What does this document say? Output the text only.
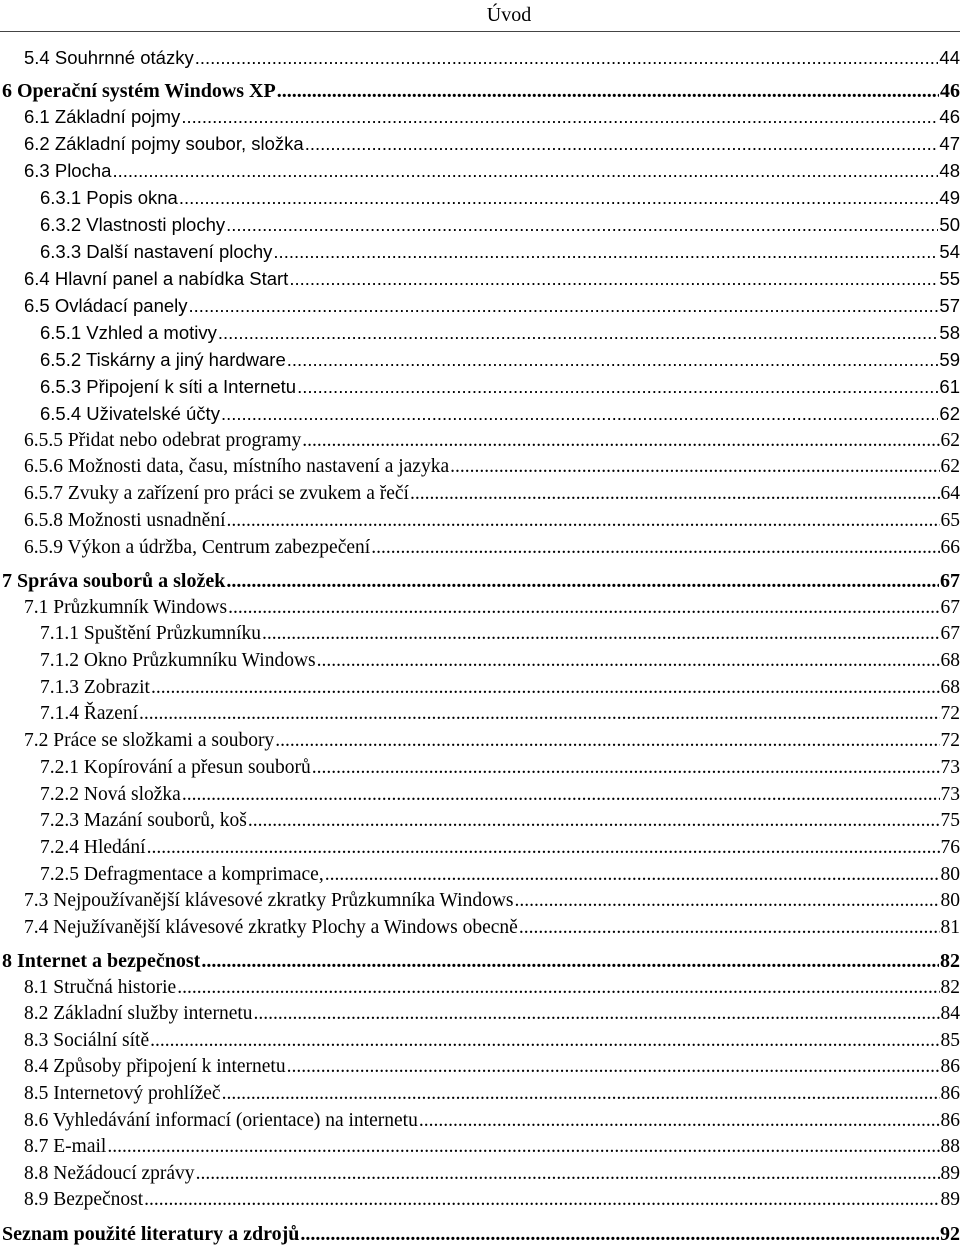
Úvod
5.4 Souhrnné otázky .....	44
6 Operační systém Windows XP .....	46
6.1 Základní pojmy .....	46
6.2 Základní pojmy soubor, složka .....	47
6.3 Plocha .....	48
6.3.1 Popis okna .....	49
6.3.2 Vlastnosti plochy .....	50
6.3.3 Další nastavení plochy .....	54
6.4 Hlavní panel a nabídka Start .....	55
6.5 Ovládací panely .....	57
6.5.1 Vzhled a motivy .....	58
6.5.2 Tiskárny a jiný hardware .....	59
6.5.3 Připojení k síti a Internetu .....	61
6.5.4 Uživatelské účty .....	62
6.5.5 Přidat nebo odebrat programy .....	62
6.5.6 Možnosti data, času, místního nastavení a jazyka .....	62
6.5.7 Zvuky a zařízení pro práci se zvukem a řečí .....	64
6.5.8 Možnosti usnadnění .....	65
6.5.9 Výkon a údržba, Centrum zabezpečení .....	66
7 Správa souborů a složek .....	67
7.1 Průzkumník Windows .....	67
7.1.1 Spuštění Průzkumníku .....	67
7.1.2 Okno Průzkumníku Windows .....	68
7.1.3 Zobrazit .....	68
7.1.4 Řazení .....	72
7.2 Práce se složkami a soubory .....	72
7.2.1 Kopírování a přesun souborů .....	73
7.2.2 Nová složka .....	73
7.2.3 Mazání souborů, koš .....	75
7.2.4 Hledání .....	76
7.2.5 Defragmentace a komprimace, .....	80
7.3 Nejpoužívanější klávesové zkratky Průzkumníka Windows .....	80
7.4 Nejužívanější klávesové zkratky Plochy a Windows obecně .....	81
8 Internet a bezpečnost .....	82
8.1 Stručná historie .....	82
8.2 Základní služby internetu .....	84
8.3 Sociální sítě .....	85
8.4 Způsoby připojení k internetu .....	86
8.5 Internetový prohlížeč .....	86
8.6 Vyhledávání informací (orientace) na internetu .....	86
8.7 E-mail .....	88
8.8 Nežádoucí zprávy .....	89
8.9 Bezpečnost .....	89
Seznam použité literatury a zdrojů .....	92
